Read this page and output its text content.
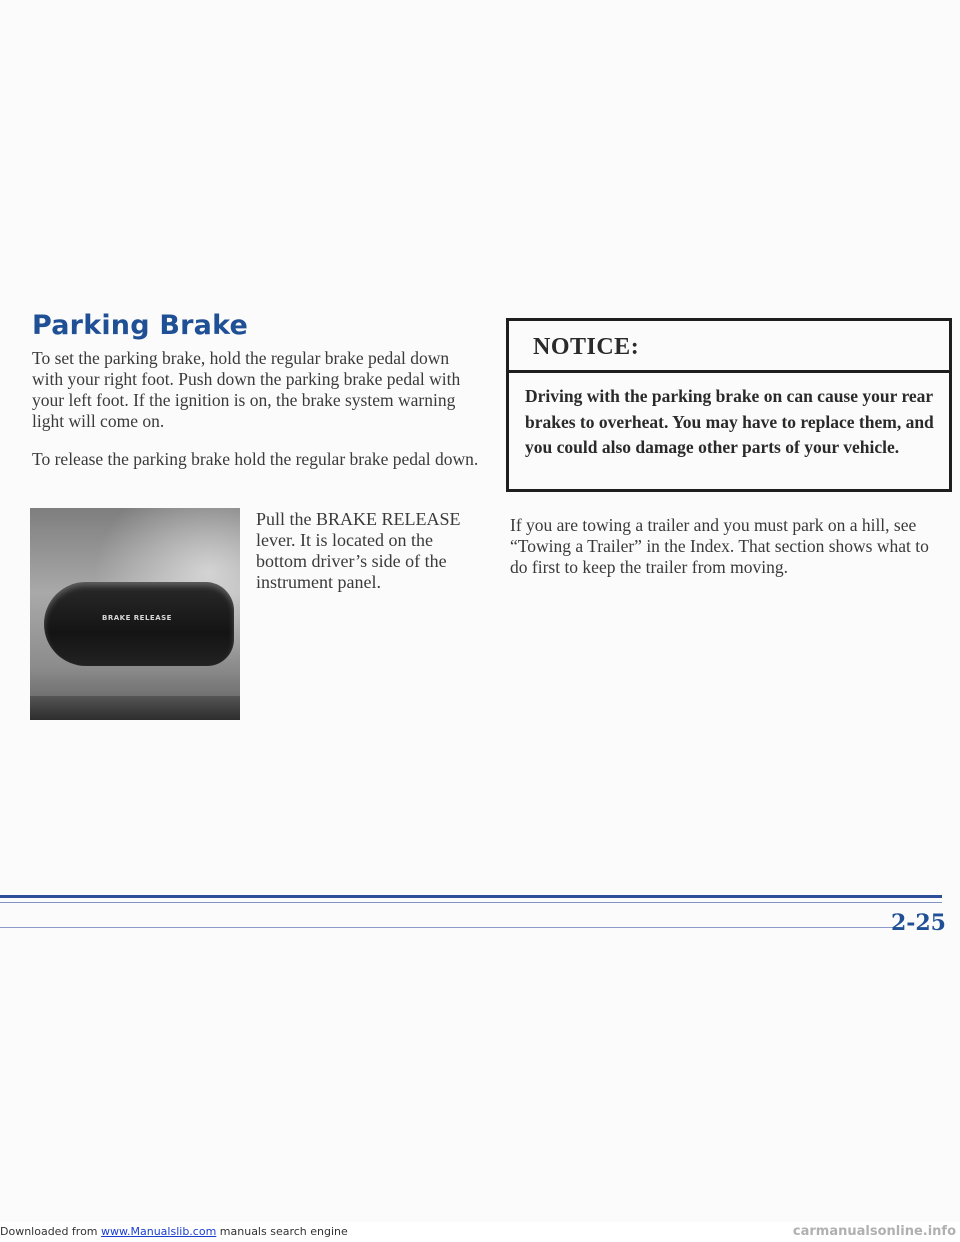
Parking Brake

To set the parking brake, hold the regular brake pedal down with your right foot. Push down the parking brake pedal with your left foot. If the ignition is on, the brake system warning light will come on.

To release the parking brake hold the regular brake pedal down.

BRAKE RELEASE

Pull the BRAKE RELEASE lever. It is located on the bottom driver’s side of the instrument panel.

NOTICE:

Driving with the parking brake on can cause your rear brakes to overheat. You may have to replace them, and you could also damage other parts of your vehicle.

If you are towing a trailer and you must park on a hill, see “Towing a Trailer” in the Index. That section shows what to do first to keep the trailer from moving.

2-25
Downloaded from www.Manualslib.com manuals search engine	carmanualsonline.info
